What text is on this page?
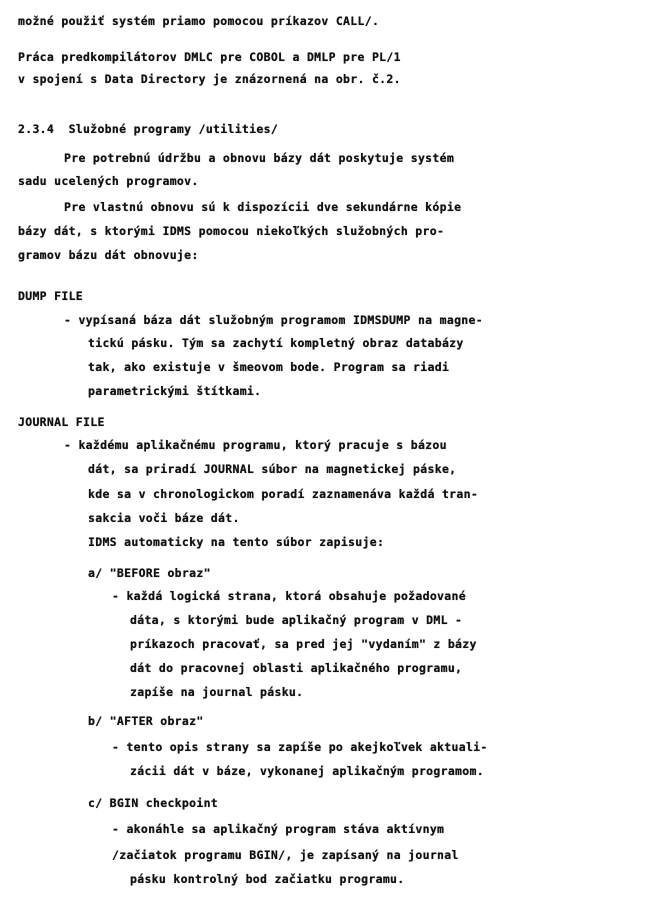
možné použiť systém priamo pomocou príkazov CALL/.
Práca predkompilátorov DMLC pre COBOL a DMLP pre PL/1
v spojení s Data Directory je znázornená na obr. č.2.
2.3.4  Služobné programy /utilities/
Pre potrebnú údržbu a obnovu bázy dát poskytuje systém
sadu ucelených programov.
Pre vlastnú obnovu sú k dispozícii dve sekundárne kópie
bázy dát, s ktorými IDMS pomocou niekoľkých služobných pro-
gramov bázu dát obnovuje:
DUMP FILE
- vypísaná báza dát služobným programom IDMSDUMP na magne-
tickú pásku. Tým sa zachytí kompletný obraz databázy
tak, ako existuje v šmeovom bode. Program sa riadi
parametrickými štítkami.
JOURNAL FILE
- každému aplikačnému programu, ktorý pracuje s bázou
dát, sa priradí JOURNAL súbor na magnetickej páske,
kde sa v chronologickom poradí zaznamenáva každá tran-
sakcia voči báze dát.
IDMS automaticky na tento súbor zapisuje:
a/ "BEFORE obraz"
- každá logická strana, ktorá obsahuje požadované
dáta, s ktorými bude aplikačný program v DML -
príkazoch pracovať, sa pred jej "vydaním" z bázy
dát do pracovnej oblasti aplikačného programu,
zapíše na journal pásku.
b/ "AFTER obraz"
- tento opis strany sa zapíše po akejkoľvek aktuali-
zácii dát v báze, vykonanej aplikačným programom.
c/ BGIN checkpoint
- akonáhle sa aplikačný program stáva aktívnym
/začiatok programu BGIN/, je zapísaný na journal
pásku kontrolný bod začiatku programu.
